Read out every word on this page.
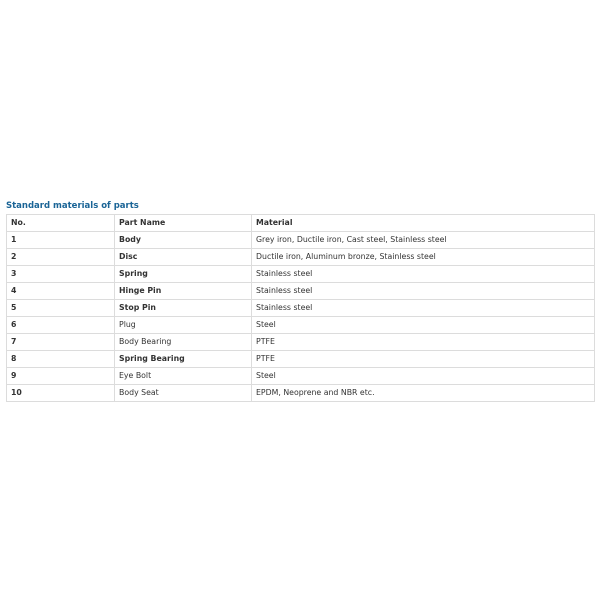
Standard materials of parts
No.	Part Name	Material
1	Body	Grey iron, Ductile iron, Cast steel, Stainless steel
2	Disc	Ductile iron, Aluminum bronze, Stainless steel
3	Spring	Stainless steel
4	Hinge Pin	Stainless steel
5	Stop Pin	Stainless steel
6	Plug	Steel
7	Body Bearing	PTFE
8	Spring Bearing	PTFE
9	Eye Bolt	Steel
10	Body Seat	EPDM, Neoprene and NBR etc.
